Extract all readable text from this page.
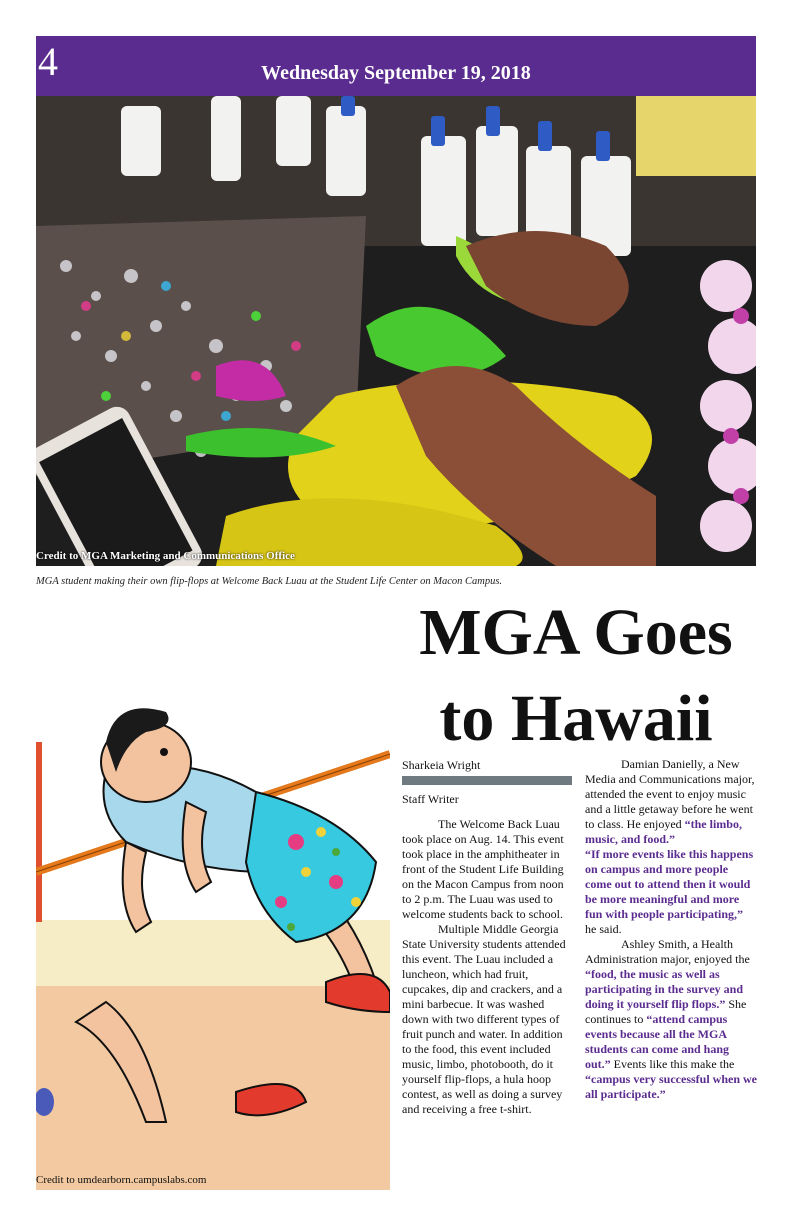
4	Wednesday September 19, 2018
Credit to MGA Marketing and Communications Office
MGA student making their own flip-flops at Welcome Back Luau at the Student Life Center on Macon Campus.
Credit to umdearborn.campuslabs.com
MGA Goes
to Hawaii
Sharkeia Wright
Staff Writer

The Welcome Back Luau took place on Aug. 14. This event took place in the amphitheater in front of the Student Life Building on the Macon Campus from noon to 2 p.m. The Luau was used to welcome students back to school.

Multiple Middle Georgia State University students attended this event. The Luau included a luncheon, which had fruit, cupcakes, dip and crackers, and a mini barbecue. It was washed down with two different types of fruit punch and water. In addition to the food, this event included music, limbo, photobooth, do it yourself flip-flops, a hula hoop contest, as well as doing a survey and receiving a free t-shirt.

Damian Danielly, a New Media and Communications major, attended the event to enjoy music and a little getaway before he went to class. He enjoyed “the limbo, music, and food.”

“If more events like this happens on campus and more people come out to attend then it would be more meaningful and more fun with people participating,” he said.

Ashley Smith, a Health Administration major, enjoyed the “food, the music as well as participating in the survey and doing it yourself flip flops.” She continues to “attend campus events because all the MGA students can come and hang out.” Events like this make the “campus very successful when we all participate.”
